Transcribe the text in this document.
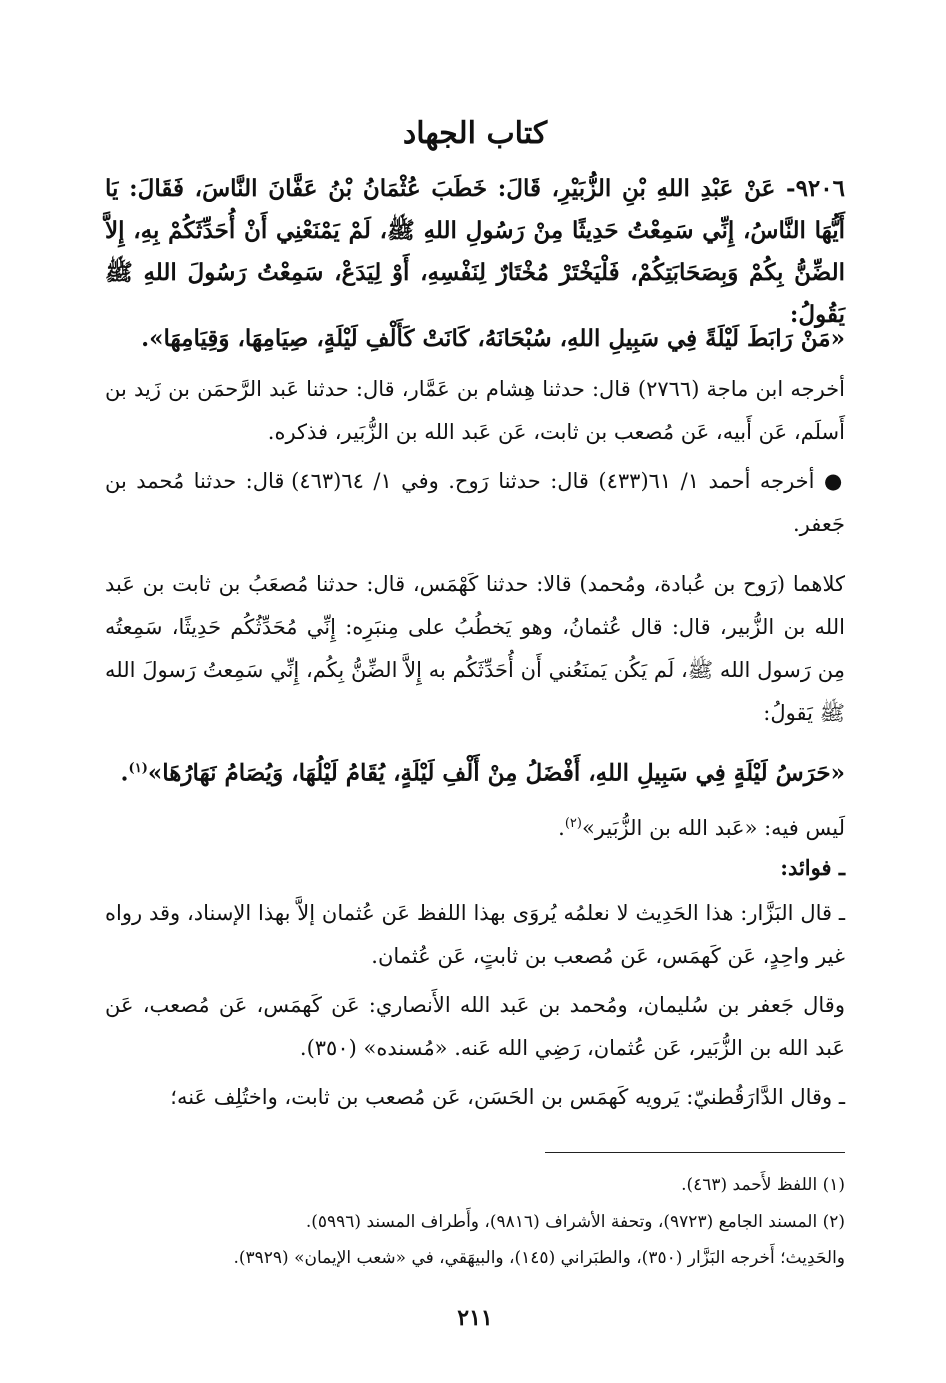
كتاب الجهاد
٩٢٠٦- عَنْ عَبْدِ اللهِ بْنِ الزُّبَيْرِ، قَالَ: خَطَبَ عُثْمَانُ بْنُ عَفَّانَ النَّاسَ، فَقَالَ: يَا أَيُّهَا النَّاسُ، إِنِّي سَمِعْتُ حَدِيثًا مِنْ رَسُولِ اللهِ ﷺ، لَمْ يَمْنَعْنِي أَنْ أُحَدِّثَكُمْ بِهِ، إِلاَّ الضِّنُّ بِكُمْ وَبِصَحَابَتِكُمْ، فَلْيَخْتَرْ مُخْتَارٌ لِنَفْسِهِ، أَوْ لِيَدَعْ، سَمِعْتُ رَسُولَ اللهِ ﷺ يَقُولُ:
«مَنْ رَابَطَ لَيْلَةً فِي سَبِيلِ اللهِ، سُبْحَانَهُ، كَانَتْ كَأَلْفِ لَيْلَةٍ، صِيَامِهَا، وَقِيَامِهَا».
أخرجه ابن ماجة (٢٧٦٦) قال: حدثنا هِشام بن عَمَّار، قال: حدثنا عَبد الرَّحمَن بن زَيد بن أَسلَم، عَن أَبيه، عَن مُصعب بن ثابت، عَن عَبد الله بن الزُّبَير، فذكره.
● أخرجه أحمد ١/ ٦١(٤٣٣) قال: حدثنا رَوح. وفي ١/ ٦٤(٤٦٣) قال: حدثنا مُحمد بن جَعفر.
كلاهما (رَوح بن عُبادة، ومُحمد) قالا: حدثنا كَهْمَس، قال: حدثنا مُصعَبُ بن ثابت بن عَبد الله بن الزُّبير، قال: قال عُثمانُ، وهو يَخطُبُ على مِنبَرِه: إِنِّي مُحَدِّثُكُم حَدِيثًا، سَمِعتُه مِن رَسول الله ﷺ، لَم يَكُن يَمنَعُني أَن أُحَدِّثَكُم به إِلاَّ الضِّنُّ بِكُم، إِنِّي سَمِعتُ رَسولَ الله ﷺ يَقولُ:
«حَرَسُ لَيْلَةٍ فِي سَبِيلِ اللهِ، أَفْضَلُ مِنْ أَلْفِ لَيْلَةٍ، يُقَامُ لَيْلُهَا، وَيُصَامُ نَهَارُهَا»$^{(١)}$.
لَيس فيه: «عَبد الله بن الزُّبَير»$^{(٢)}$.
ـ فوائد:
ـ قال البَزَّار: هذا الحَدِيث لا نعلمُه يُروَى بهذا اللفظ عَن عُثمان إلاَّ بهذا الإسناد، وقد رواه غير واحِدٍ، عَن كَهمَس، عَن مُصعب بن ثابتٍ، عَن عُثمان.
وقال جَعفر بن سُليمان، ومُحمد بن عَبد الله الأَنصاري: عَن كَهمَس، عَن مُصعب، عَن عَبد الله بن الزُّبَير، عَن عُثمان، رَضِي الله عَنه. «مُسنده» (٣٥٠).
ـ وقال الدَّارَقُطنيّ: يَرويه كَهمَس بن الحَسَن، عَن مُصعب بن ثابت، واختُلِف عَنه؛
(١) اللفظ لأَحمد (٤٦٣).
(٢) المسند الجامع (٩٧٢٣)، وتحفة الأشراف (٩٨١٦)، وأَطراف المسند (٥٩٩٦).
والحَدِيث؛ أَخرجه البَزَّار (٣٥٠)، والطبَراني (١٤٥)، والبيهَقي، في «شعب الإيمان» (٣٩٢٩).
٢١١
